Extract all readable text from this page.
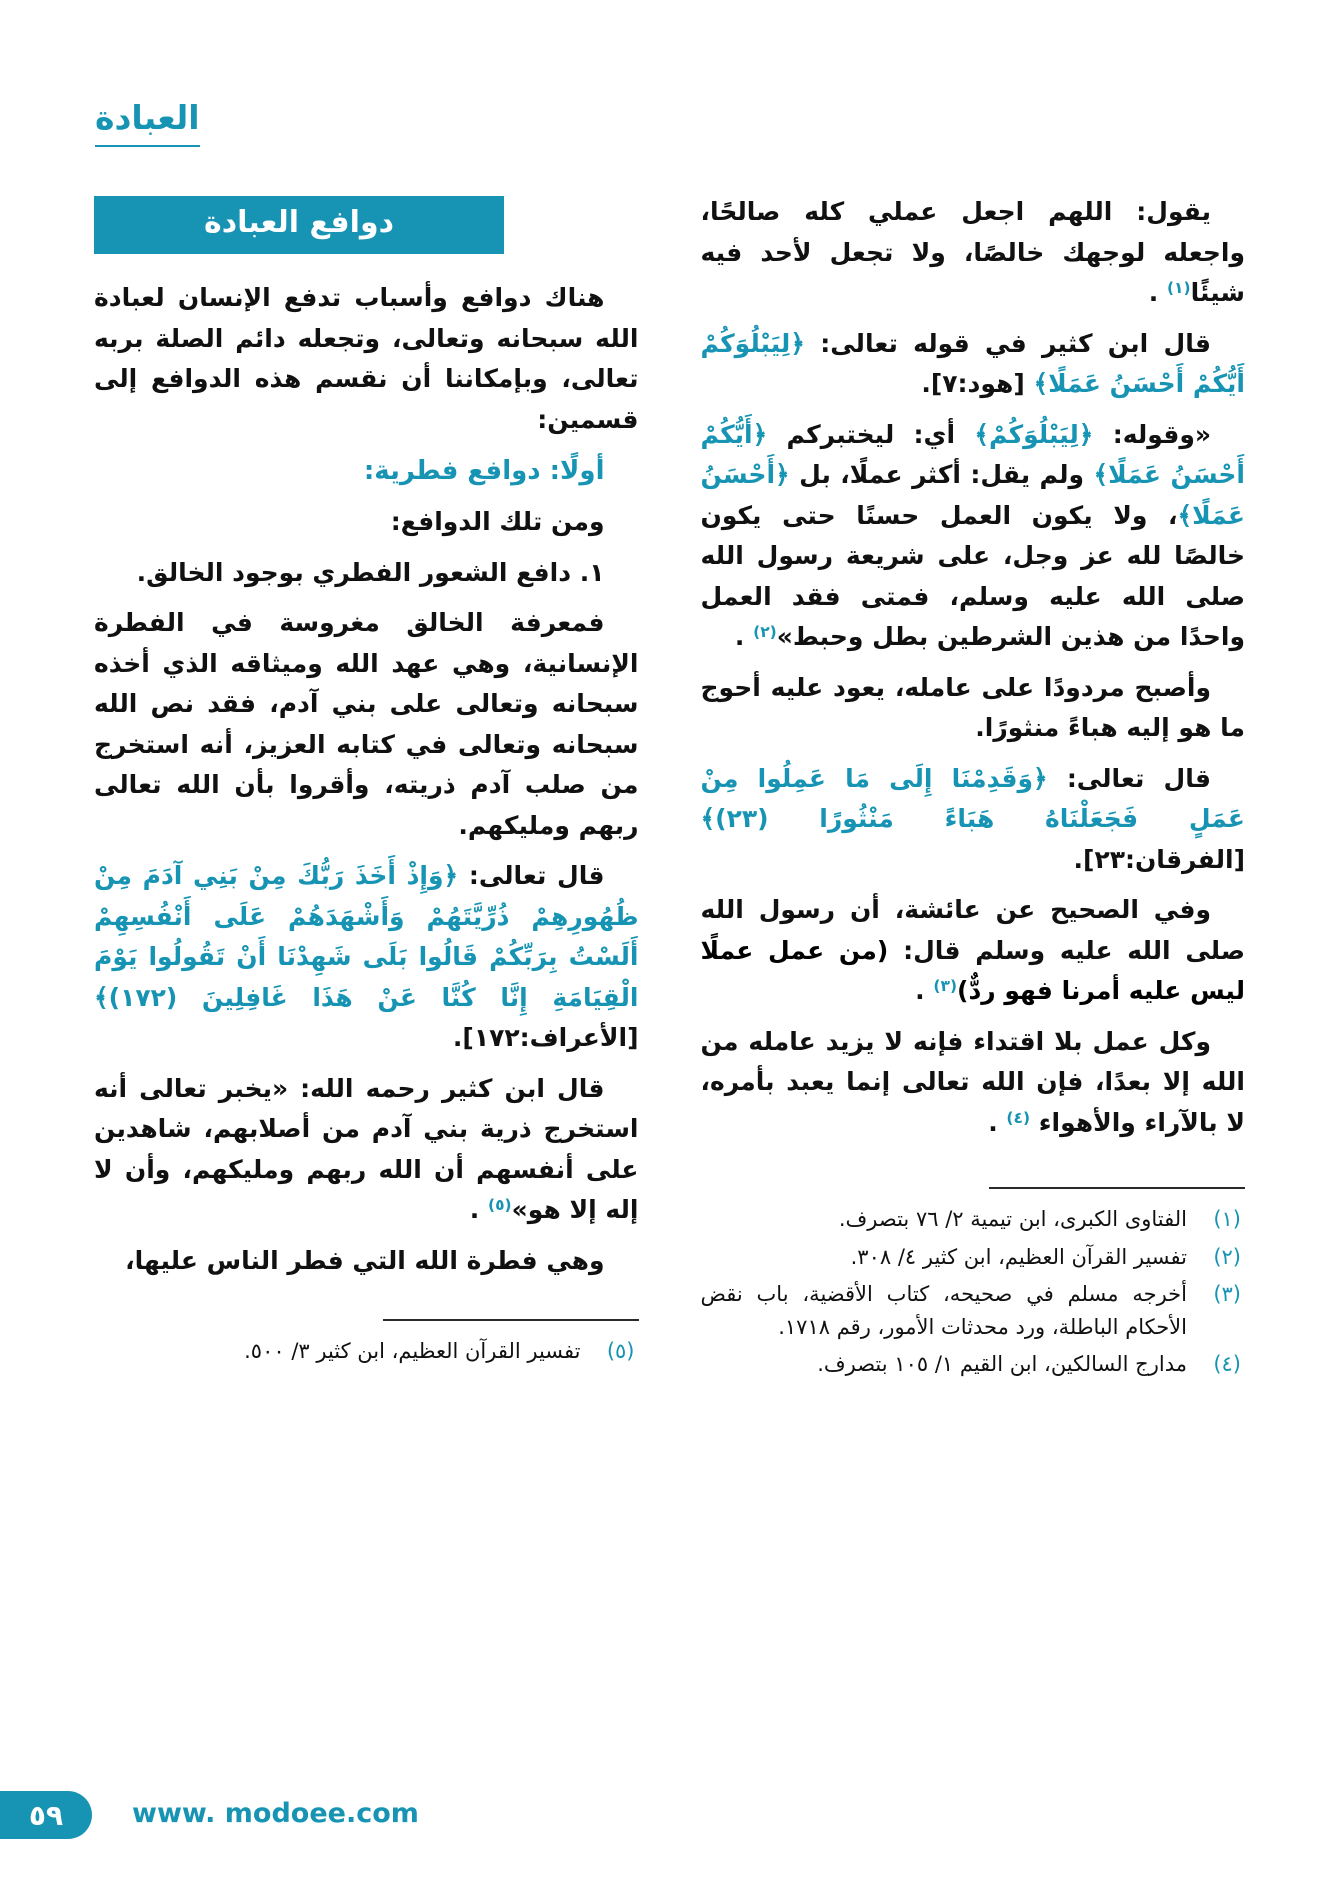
العبادة

يقول: اللهم اجعل عملي كله صالحًا، واجعله لوجهك خالصًا، ولا تجعل لأحد فيه شيئًا$^{(١)}$ .

قال ابن كثير في قوله تعالى: ﴿لِيَبْلُوَكُمْ أَيُّكُمْ أَحْسَنُ عَمَلًا﴾ [هود:٧].

«وقوله: ﴿لِيَبْلُوَكُمْ﴾ أي: ليختبركم ﴿أَيُّكُمْ أَحْسَنُ عَمَلًا﴾ ولم يقل: أكثر عملًا، بل ﴿أَحْسَنُ عَمَلًا﴾، ولا يكون العمل حسنًا حتى يكون خالصًا لله عز وجل، على شريعة رسول الله صلى الله عليه وسلم، فمتى فقد العمل واحدًا من هذين الشرطين بطل وحبط»$^{(٢)}$ .

وأصبح مردودًا على عامله، يعود عليه أحوج ما هو إليه هباءً منثورًا.

قال تعالى: ﴿وَقَدِمْنَا إِلَى مَا عَمِلُوا مِنْ عَمَلٍ فَجَعَلْنَاهُ هَبَاءً مَنْثُورًا (٢٣)﴾ [الفرقان:٢٣].

وفي الصحيح عن عائشة، أن رسول الله صلى الله عليه وسلم قال: (من عمل عملًا ليس عليه أمرنا فهو ردٌّ)$^{(٣)}$ .

وكل عمل بلا اقتداء فإنه لا يزيد عامله من الله إلا بعدًا، فإن الله تعالى إنما يعبد بأمره، لا بالآراء والأهواء $^{(٤)}$ .

(١)
الفتاوى الكبرى، ابن تيمية ٢/ ٧٦ بتصرف.
(٢)
تفسير القرآن العظيم، ابن كثير ٤/ ٣٠٨.
(٣)
أخرجه مسلم في صحيحه، كتاب الأقضية، باب نقض الأحكام الباطلة، ورد محدثات الأمور، رقم ١٧١٨.
(٤)
مدارج السالكين، ابن القيم ١/ ١٠٥ بتصرف.
دوافع العبادة

هناك دوافع وأسباب تدفع الإنسان لعبادة الله سبحانه وتعالى، وتجعله دائم الصلة بربه تعالى، وبإمكاننا أن نقسم هذه الدوافع إلى قسمين:

أولًا: دوافع فطرية:

ومن تلك الدوافع:

١. دافع الشعور الفطري بوجود الخالق.

فمعرفة الخالق مغروسة في الفطرة الإنسانية، وهي عهد الله وميثاقه الذي أخذه سبحانه وتعالى على بني آدم، فقد نص الله سبحانه وتعالى في كتابه العزيز، أنه استخرج من صلب آدم ذريته، وأقروا بأن الله تعالى ربهم ومليكهم.

قال تعالى: ﴿وَإِذْ أَخَذَ رَبُّكَ مِنْ بَنِي آدَمَ مِنْ ظُهُورِهِمْ ذُرِّيَّتَهُمْ وَأَشْهَدَهُمْ عَلَى أَنْفُسِهِمْ أَلَسْتُ بِرَبِّكُمْ قَالُوا بَلَى شَهِدْنَا أَنْ تَقُولُوا يَوْمَ الْقِيَامَةِ إِنَّا كُنَّا عَنْ هَذَا غَافِلِينَ (١٧٢)﴾ [الأعراف:١٧٢].

قال ابن كثير رحمه الله: «يخبر تعالى أنه استخرج ذرية بني آدم من أصلابهم، شاهدين على أنفسهم أن الله ربهم ومليكهم، وأن لا إله إلا هو»$^{(٥)}$ .

وهي فطرة الله التي فطر الناس عليها،

(٥)
تفسير القرآن العظيم، ابن كثير ٣/ ٥٠٠.
٥٩	www. modoee.com
